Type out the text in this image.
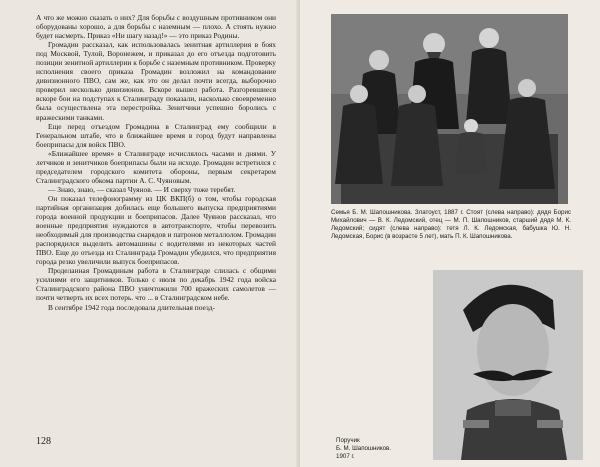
А что же можно сказать о них? Для борьбы с воздушным противником они оборудованы хорошо, а для борьбы с наземным — плохо. А стоять нужно будет насмерть. Приказ «Ни шагу назад!» — это приказ Родины.

Громадин рассказал, как использовалась зенитная артиллерия в боях под Москвой, Тулой, Воронежем, и приказал до его отъезда подготовить позиции зенитной артиллерии к борьбе с наземным противником. Проверку исполнения своего приказа Громадин возложил на командование дивизионного ПВО, сам же, как это он делал почти всегда, выборочно проверил несколько дивизионов. Вскоре вышел работа. Разгоревшиеся вскоре бои на подступах к Сталинграду показали, насколько своевременно была осуществлена эта перестройка. Зенитчики успешно боролись с вражескими танками.

Еще перед отъездом Громадина в Сталинград ему сообщили в Генеральном штабе, что в ближайшее время в город будут направлены боеприпасы для войск ПВО.

«Ближайшее время» в Сталинграде исчислялось часами и днями. У летчиков и зенитчиков боеприпасы были на исходе. Громадин встретился с председателем городского комитета обороны, первым секретарем Сталинградского обкома партии А. С. Чуяновым.

— Знаю, знаю, — сказал Чуянов. — И сверху тоже теребят.

Он показал телефонограмму из ЦК ВКП(б) о том, чтобы городская партийная организация добилась еще большего выпуска предприятиями города военной продукции и боеприпасов. Далее Чуянов рассказал, что военные предприятия нуждаются в автотранспорте, чтобы перевозить необходимый для производства снарядов и патронов металлолом. Громадин распорядился выделить автомашины с водителями из некоторых частей ПВО. Еще до отъезда из Сталинграда Громадин убедился, что предприятия города резко увеличили выпуск боеприпасов.

Проделанная Громадиным работа в Сталинграде слилась с общими усилиями его защитников. Только с июля по декабрь 1942 года войска Сталинградского района ПВО уничтожили 700 вражеских самолетов — почти четверть их всех потерь. что ... в Сталинградском небе.

В сентябре 1942 года последовала длительная поезд-

128
Семья Б. М. Шапошникова. Златоуст, 1887 г. Стоят (слева направо): дядя Борис Михайлович — В. К. Ледомский, отец — М. П. Шапошников, старший дядя М. К. Ледомский; сидят (слева направо): тетя Л. К. Ледомская, бабушка Ю. Н. Ледомская, Борис (в возрасте 5 лет), мать П. К. Шапошникова.
Поручик
Б. М. Шапошников.
1907 г.
